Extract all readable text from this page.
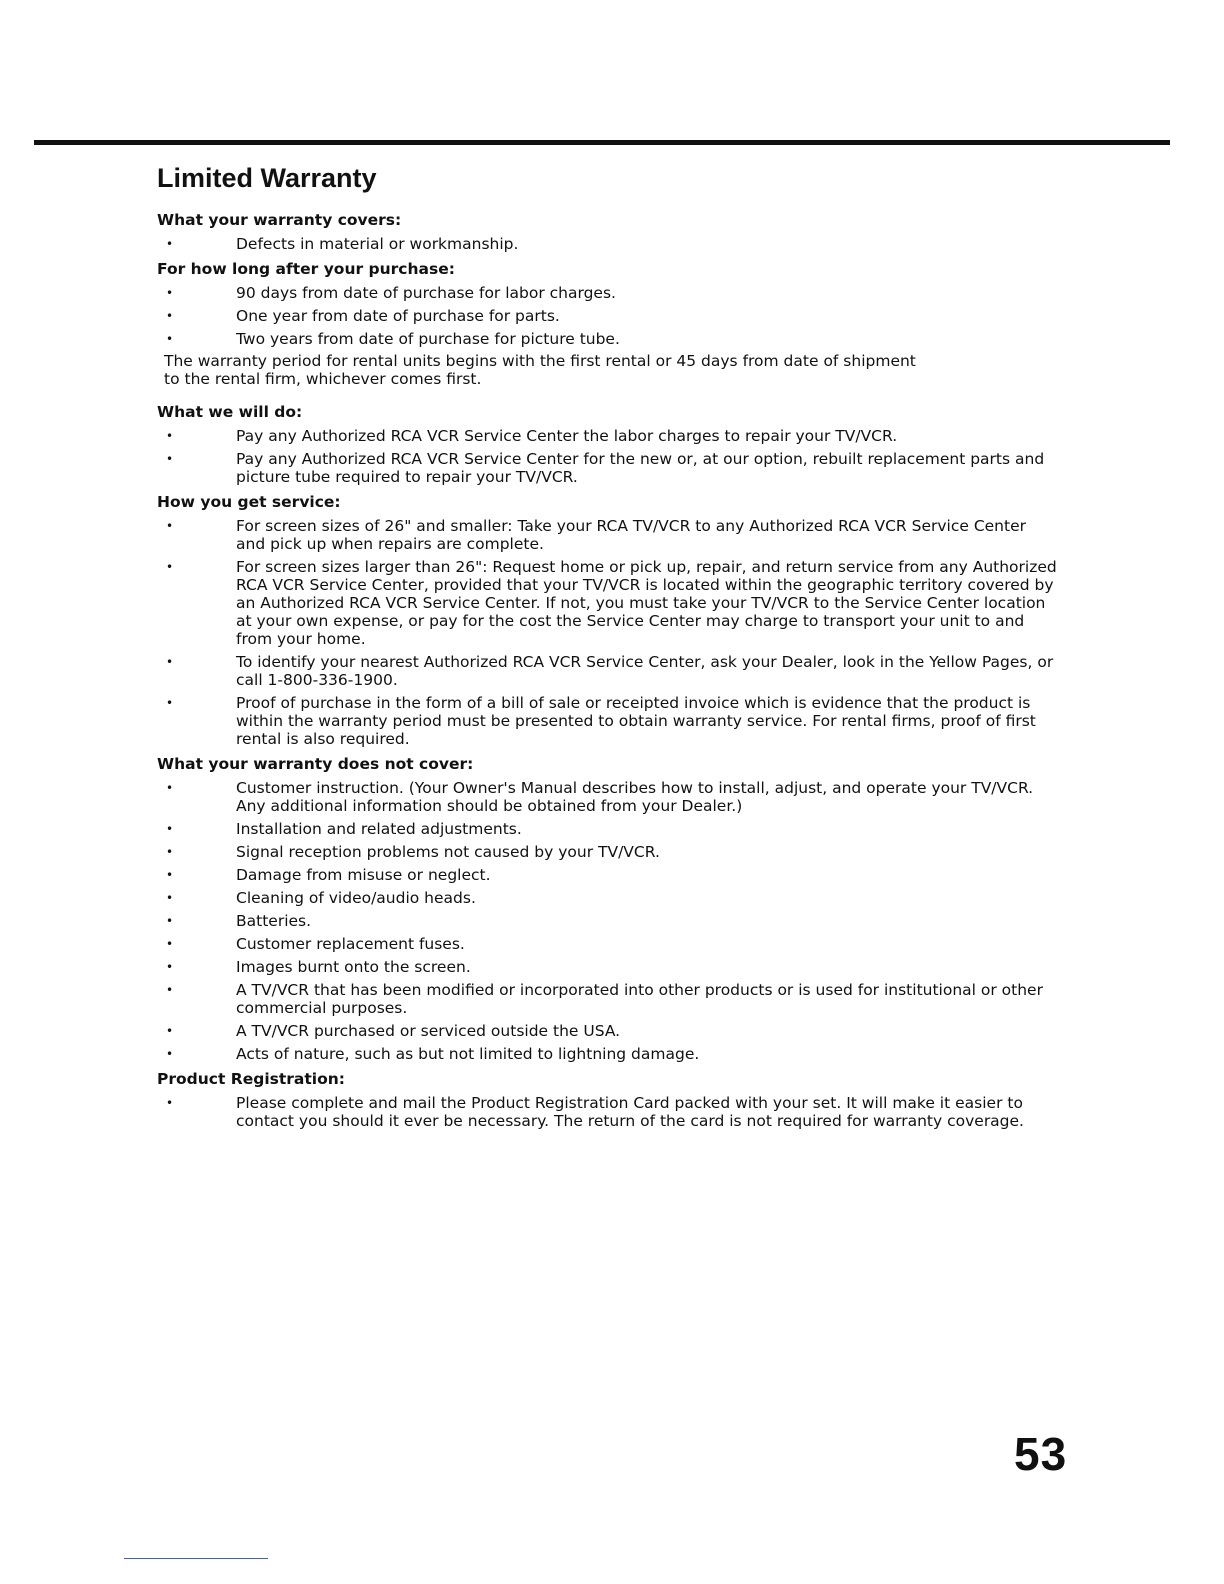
Limited Warranty
What your warranty covers:
•	Defects in material or workmanship.
For how long after your purchase:
•	90 days from date of purchase for labor charges.
•	One year from date of purchase for parts.
•	Two years from date of purchase for picture tube.
The warranty period for rental units begins with the first rental or 45 days from date of shipment to the rental firm, whichever comes first.
What we will do:
•	Pay any Authorized RCA VCR Service Center the labor charges to repair your TV/VCR.
•	Pay any Authorized RCA VCR Service Center for the new or, at our option, rebuilt replacement parts and picture tube required to repair your TV/VCR.
How you get service:
•	For screen sizes of 26" and smaller: Take your RCA TV/VCR to any Authorized RCA VCR Service Center and pick up when repairs are complete.
•	For screen sizes larger than 26": Request home or pick up, repair, and return service from any Authorized RCA VCR Service Center, provided that your TV/VCR is located within the geographic territory covered by an Authorized RCA VCR Service Center. If not, you must take your TV/VCR to the Service Center location at your own expense, or pay for the cost the Service Center may charge to transport your unit to and from your home.
•	To identify your nearest Authorized RCA VCR Service Center, ask your Dealer, look in the Yellow Pages, or call 1-800-336-1900.
•	Proof of purchase in the form of a bill of sale or receipted invoice which is evidence that the product is within the warranty period must be presented to obtain warranty service. For rental firms, proof of first rental is also required.
What your warranty does not cover:
•	Customer instruction. (Your Owner's Manual describes how to install, adjust, and operate your TV/VCR. Any additional information should be obtained from your Dealer.)
•	Installation and related adjustments.
•	Signal reception problems not caused by your TV/VCR.
•	Damage from misuse or neglect.
•	Cleaning of video/audio heads.
•	Batteries.
•	Customer replacement fuses.
•	Images burnt onto the screen.
•	A TV/VCR that has been modified or incorporated into other products or is used for institutional or other commercial purposes.
•	A TV/VCR purchased or serviced outside the USA.
•	Acts of nature, such as but not limited to lightning damage.
Product Registration:
•	Please complete and mail the Product Registration Card packed with your set. It will make it easier to contact you should it ever be necessary. The return of the card is not required for warranty coverage.
53
